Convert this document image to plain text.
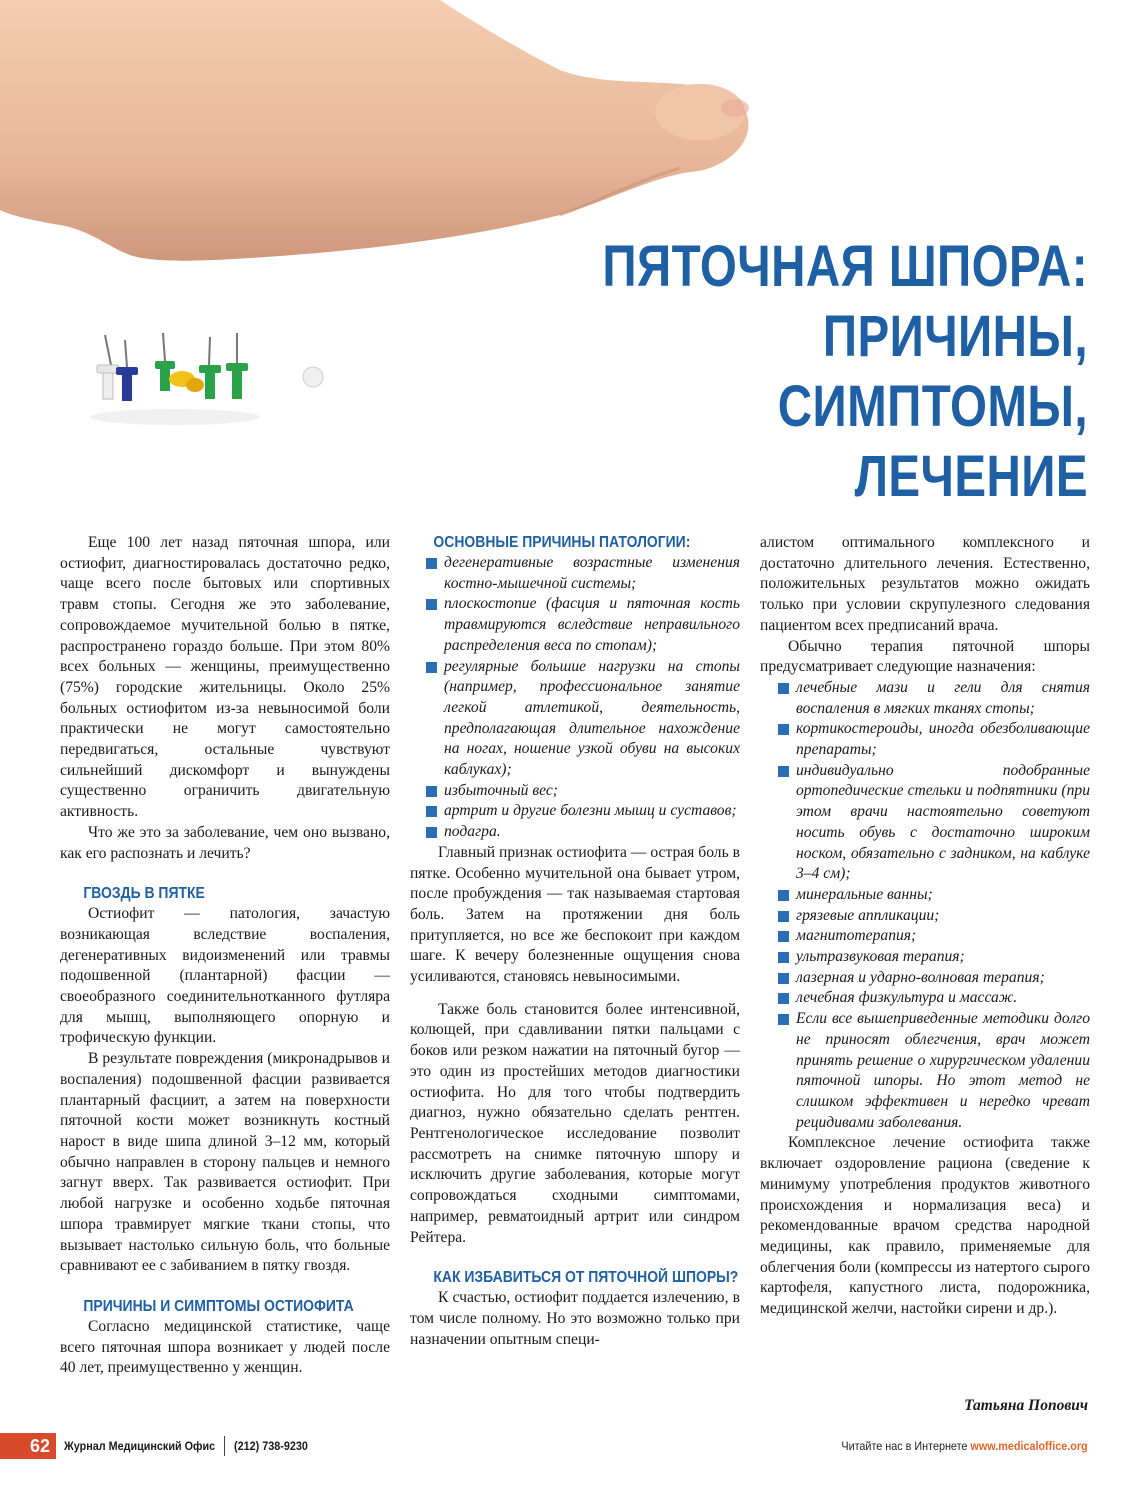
ПЯТОЧНАЯ ШПОРА:
ПРИЧИНЫ,
СИМПТОМЫ, ЛЕЧЕНИЕ

Еще 100 лет назад пяточная шпора, или остиофит, диагностировалась достаточно редко, чаще всего после бытовых или спортивных травм стопы. Сегодня же это заболевание, сопровождаемое мучительной болью в пятке, распространено гораздо больше. При этом 80% всех больных — женщины, преимущественно (75%) городские жительницы. Около 25% больных остиофитом из-за невыносимой боли практически не могут самостоятельно передвигаться, остальные чувствуют сильнейший дискомфорт и вынуждены существенно ограничить двигательную активность.

Что же это за заболевание, чем оно вызвано, как его распознать и лечить?

ГВОЗДЬ В ПЯТКЕ

Остиофит — патология, зачастую возникающая вследствие воспаления, дегенеративных видоизменений или травмы подошвенной (плантарной) фасции — своеобразного соединительнотканного футляра для мышц, выполняющего опорную и трофическую функции.

В результате повреждения (микронадрывов и воспаления) подошвенной фасции развивается плантарный фасциит, а затем на поверхности пяточной кости может возникнуть костный нарост в виде шипа длиной 3–12 мм, который обычно направлен в сторону пальцев и немного загнут вверх. Так развивается остиофит. При любой нагрузке и особенно ходьбе пяточная шпора травмирует мягкие ткани стопы, что вызывает настолько сильную боль, что больные сравнивают ее с забиванием в пятку гвоздя.

ПРИЧИНЫ И СИМПТОМЫ ОСТИОФИТА

Согласно медицинской статистике, чаще всего пяточная шпора возникает у людей после 40 лет, преимущественно у женщин.

ОСНОВНЫЕ ПРИЧИНЫ ПАТОЛОГИИ:
дегенеративные возрастные изменения костно-мышечной системы;
плоскостопие (фасция и пяточная кость травмируются вследствие неправильного распределения веса по стопам);
регулярные большие нагрузки на стопы (например, профессиональное занятие легкой атлетикой, деятельность, предполагающая длительное нахождение на ногах, ношение узкой обуви на высоких каблуках);
избыточный вес;
артрит и другие болезни мышц и суставов;
подагра.

Главный признак остиофита — острая боль в пятке. Особенно мучительной она бывает утром, после пробуждения — так называемая стартовая боль. Затем на протяжении дня боль притупляется, но все же беспокоит при каждом шаге. К вечеру болезненные ощущения снова усиливаются, становясь невыносимыми.

Также боль становится более интенсивной, колющей, при сдавливании пятки пальцами с боков или резком нажатии на пяточный бугор — это один из простейших методов диагностики остиофита. Но для того чтобы подтвердить диагноз, нужно обязательно сделать рентген. Рентгенологическое исследование позволит рассмотреть на снимке пяточную шпору и исключить другие заболевания, которые могут сопровождаться сходными симптомами, например, ревматоидный артрит или синдром Рейтера.

КАК ИЗБАВИТЬСЯ ОТ ПЯТОЧНОЙ ШПОРЫ?

К счастью, остиофит поддается излечению, в том числе полному. Но это возможно только при назначении опытным специ-

алистом оптимального комплексного и достаточно длительного лечения. Естественно, положительных результатов можно ожидать только при условии скрупулезного следования пациентом всех предписаний врача.

Обычно терапия пяточной шпоры предусматривает следующие назначения:

лечебные мази и гели для снятия воспаления в мягких тканях стопы;
кортикостероиды, иногда обезболивающие препараты;
индивидуально подобранные ортопедические стельки и подпятники (при этом врачи настоятельно советуют носить обувь с достаточно широким носком, обязательно с задником, на каблуке 3–4 см);
минеральные ванны;
грязевые аппликации;
магнитотерапия;
ультразвуковая терапия;
лазерная и ударно-волновая терапия;
лечебная физкультура и массаж.
Если все вышеприведенные методики долго не приносят облегчения, врач может принять решение о хирургическом удалении пяточной шпоры. Но этот метод не слишком эффективен и нередко чреват рецидивами заболевания.

Комплексное лечение остиофита также включает оздоровление рациона (сведение к минимуму употребления продуктов животного происхождения и нормализация веса) и рекомендованные врачом средства народной медицины, как правило, применяемые для облегчения боли (компрессы из натертого сырого картофеля, капустного листа, подорожника, медицинской желчи, настойки сирени и др.).

Татьяна Попович
62	Журнал Медицинский Офис (212) 738-9230	Читайте нас в Интернете www.medicaloffice.org
